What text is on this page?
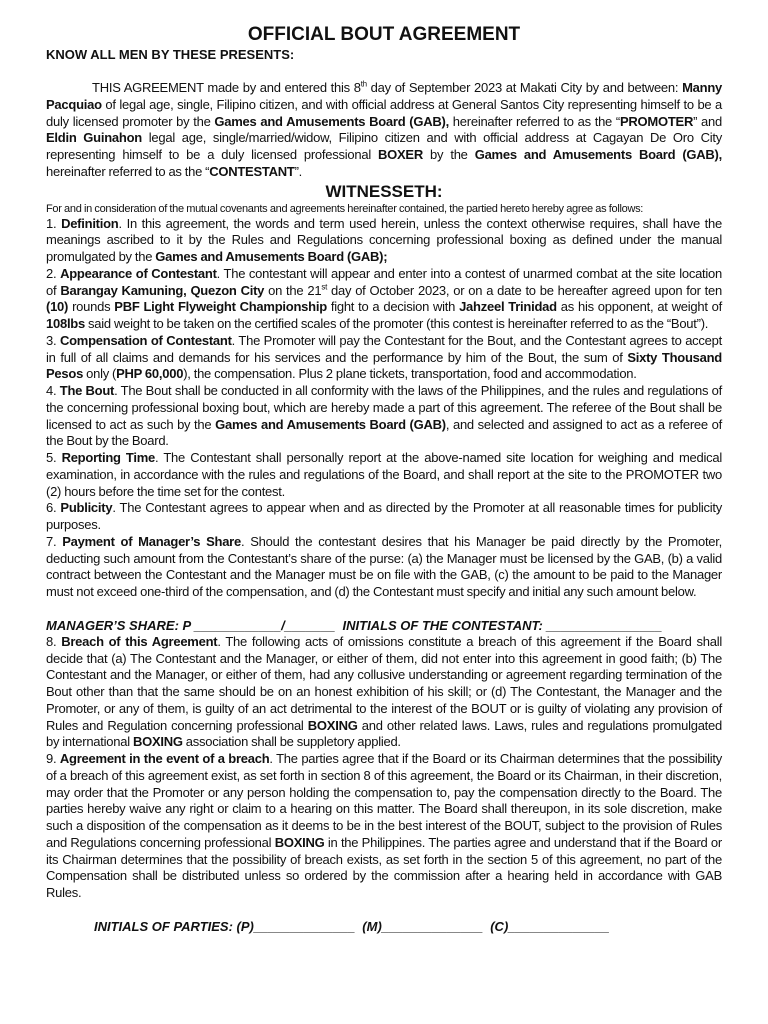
OFFICIAL BOUT AGREEMENT
KNOW ALL MEN BY THESE PRESENTS:

THIS AGREEMENT made by and entered this 8th day of September 2023 at Makati City by and between: Manny Pacquiao of legal age, single, Filipino citizen, and with official address at General Santos City representing himself to be a duly licensed promoter by the Games and Amusements Board (GAB), hereinafter referred to as the “PROMOTER” and Eldin Guinahon legal age, single/married/widow, Filipino citizen and with official address at Cagayan De Oro City representing himself to be a duly licensed professional BOXER by the Games and Amusements Board (GAB), hereinafter referred to as the “CONTESTANT”.

WITNESSETH:

For and in consideration of the mutual covenants and agreements hereinafter contained, the partied hereto hereby agree as follows:

1. Definition. In this agreement, the words and term used herein, unless the context otherwise requires, shall have the meanings ascribed to it by the Rules and Regulations concerning professional boxing as defined under the manual promulgated by the Games and Amusements Board (GAB);

2. Appearance of Contestant. The contestant will appear and enter into a contest of unarmed combat at the site location of Barangay Kamuning, Quezon City on the 21st day of October 2023, or on a date to be hereafter agreed upon for ten (10) rounds PBF Light Flyweight Championship fight to a decision with Jahzeel Trinidad as his opponent, at weight of 108lbs said weight to be taken on the certified scales of the promoter (this contest is hereinafter referred to as the “Bout”).

3. Compensation of Contestant. The Promoter will pay the Contestant for the Bout, and the Contestant agrees to accept in full of all claims and demands for his services and the performance by him of the Bout, the sum of Sixty Thousand Pesos only (PHP 60,000), the compensation. Plus 2 plane tickets, transportation, food and accommodation.

4. The Bout. The Bout shall be conducted in all conformity with the laws of the Philippines, and the rules and regulations of the concerning professional boxing bout, which are hereby made a part of this agreement. The referee of the Bout shall be licensed to act as such by the Games and Amusements Board (GAB), and selected and assigned to act as a referee of the Bout by the Board.

5. Reporting Time. The Contestant shall personally report at the above-named site location for weighing and medical examination, in accordance with the rules and regulations of the Board, and shall report at the site to the PROMOTER two (2) hours before the time set for the contest.

6. Publicity. The Contestant agrees to appear when and as directed by the Promoter at all reasonable times for publicity purposes.

7. Payment of Manager’s Share. Should the contestant desires that his Manager be paid directly by the Promoter, deducting such amount from the Contestant’s share of the purse: (a) the Manager must be licensed by the GAB, (b) a valid contract between the Contestant and the Manager must be on file with the GAB, (c) the amount to be paid to the Manager must not exceed one-third of the compensation, and (d) the Contestant must specify and initial any such amount below.

MANAGER’S SHARE: P ____________/_______  INITIALS OF THE CONTESTANT: ________________

8. Breach of this Agreement. The following acts of omissions constitute a breach of this agreement if the Board shall decide that (a) The Contestant and the Manager, or either of them, did not enter into this agreement in good faith; (b) The Contestant and the Manager, or either of them, had any collusive understanding or agreement regarding termination of the Bout other than that the same should be on an honest exhibition of his skill; or (d) The Contestant, the Manager and the Promoter, or any of them, is guilty of an act detrimental to the interest of the BOUT or is guilty of violating any provision of Rules and Regulation concerning professional BOXING and other related laws. Laws, rules and regulations promulgated by international BOXING association shall be suppletory applied.

9. Agreement in the event of a breach. The parties agree that if the Board or its Chairman determines that the possibility of a breach of this agreement exist, as set forth in section 8 of this agreement, the Board or its Chairman, in their discretion, may order that the Promoter or any person holding the compensation to, pay the compensation directly to the Board. The parties hereby waive any right or claim to a hearing on this matter. The Board shall thereupon, in its sole discretion, make such a disposition of the compensation as it deems to be in the best interest of the BOUT, subject to the provision of Rules and Regulations concerning professional BOXING in the Philippines. The parties agree and understand that if the Board or its Chairman determines that the possibility of breach exists, as set forth in the section 5 of this agreement, no part of the Compensation shall be distributed unless so ordered by the commission after a hearing held in accordance with GAB Rules.

INITIALS OF PARTIES: (P)______________  (M)______________  (C)______________
